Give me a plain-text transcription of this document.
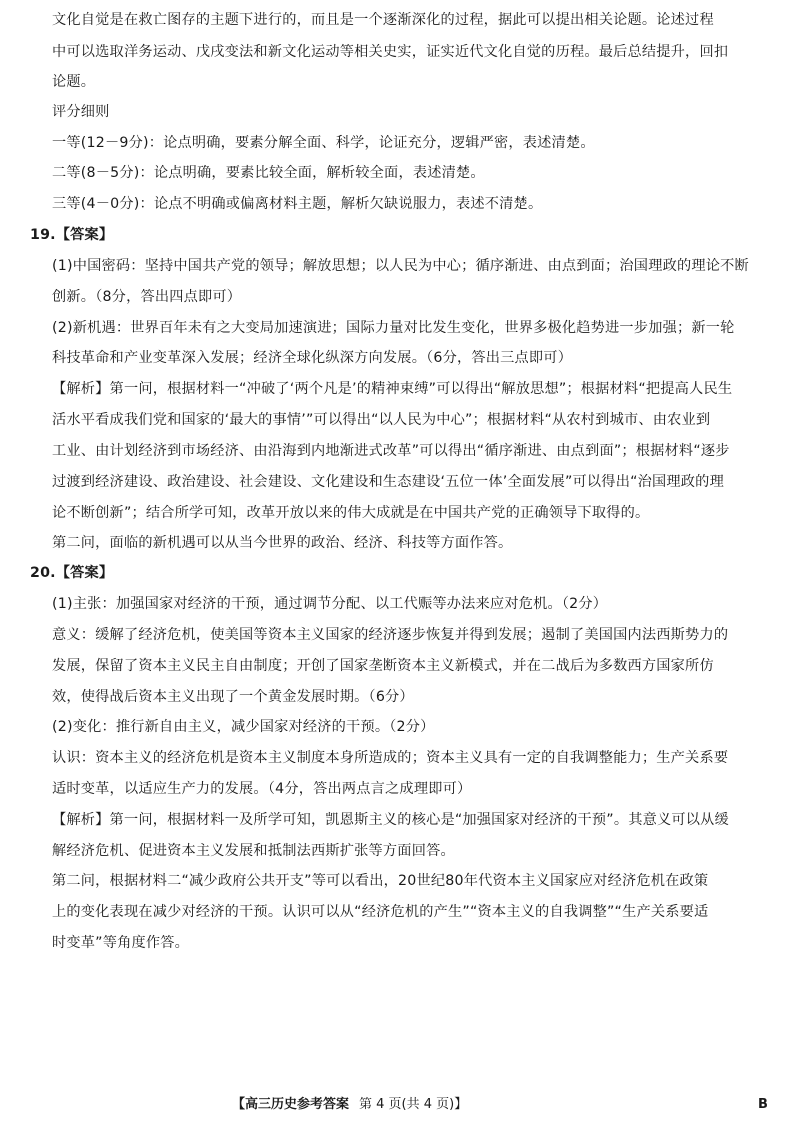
文化自觉是在救亡图存的主题下进行的，而且是一个逐渐深化的过程，据此可以提出相关论题。论述过程
中可以选取洋务运动、戊戌变法和新文化运动等相关史实，证实近代文化自觉的历程。最后总结提升，回扣
论题。
评分细则
一等(12－9分)：论点明确，要素分解全面、科学，论证充分，逻辑严密，表述清楚。
二等(8－5分)：论点明确，要素比较全面，解析较全面，表述清楚。
三等(4－0分)：论点不明确或偏离材料主题，解析欠缺说服力，表述不清楚。
19.【答案】
(1)中国密码：坚持中国共产党的领导；解放思想；以人民为中心；循序渐进、由点到面；治国理政的理论不断
创新。（8分，答出四点即可）
(2)新机遇：世界百年未有之大变局加速演进；国际力量对比发生变化，世界多极化趋势进一步加强；新一轮
科技革命和产业变革深入发展；经济全球化纵深方向发展。（6分，答出三点即可）
【解析】第一问，根据材料一“冲破了‘两个凡是’的精神束缚”可以得出“解放思想”；根据材料“把提高人民生
活水平看成我们党和国家的‘最大的事情’”可以得出“以人民为中心”；根据材料“从农村到城市、由农业到
工业、由计划经济到市场经济、由沿海到内地渐进式改革”可以得出“循序渐进、由点到面”；根据材料“逐步
过渡到经济建设、政治建设、社会建设、文化建设和生态建设‘五位一体’全面发展”可以得出“治国理政的理
论不断创新”；结合所学可知，改革开放以来的伟大成就是在中国共产党的正确领导下取得的。
第二问，面临的新机遇可以从当今世界的政治、经济、科技等方面作答。
20.【答案】
(1)主张：加强国家对经济的干预，通过调节分配、以工代赈等办法来应对危机。（2分）
意义：缓解了经济危机，使美国等资本主义国家的经济逐步恢复并得到发展；遏制了美国国内法西斯势力的
发展，保留了资本主义民主自由制度；开创了国家垄断资本主义新模式，并在二战后为多数西方国家所仿
效，使得战后资本主义出现了一个黄金发展时期。（6分）
(2)变化：推行新自由主义，减少国家对经济的干预。（2分）
认识：资本主义的经济危机是资本主义制度本身所造成的；资本主义具有一定的自我调整能力；生产关系要
适时变革，以适应生产力的发展。（4分，答出两点言之成理即可）
【解析】第一问，根据材料一及所学可知，凯恩斯主义的核心是“加强国家对经济的干预”。其意义可以从缓
解经济危机、促进资本主义发展和抵制法西斯扩张等方面回答。
第二问，根据材料二“减少政府公共开支”等可以看出，20世纪80年代资本主义国家应对经济危机在政策
上的变化表现在减少对经济的干预。认识可以从“经济危机的产生”“资本主义的自我调整”“生产关系要适
时变革”等角度作答。
【高三历史参考答案 第 4 页(共 4 页)】	B
